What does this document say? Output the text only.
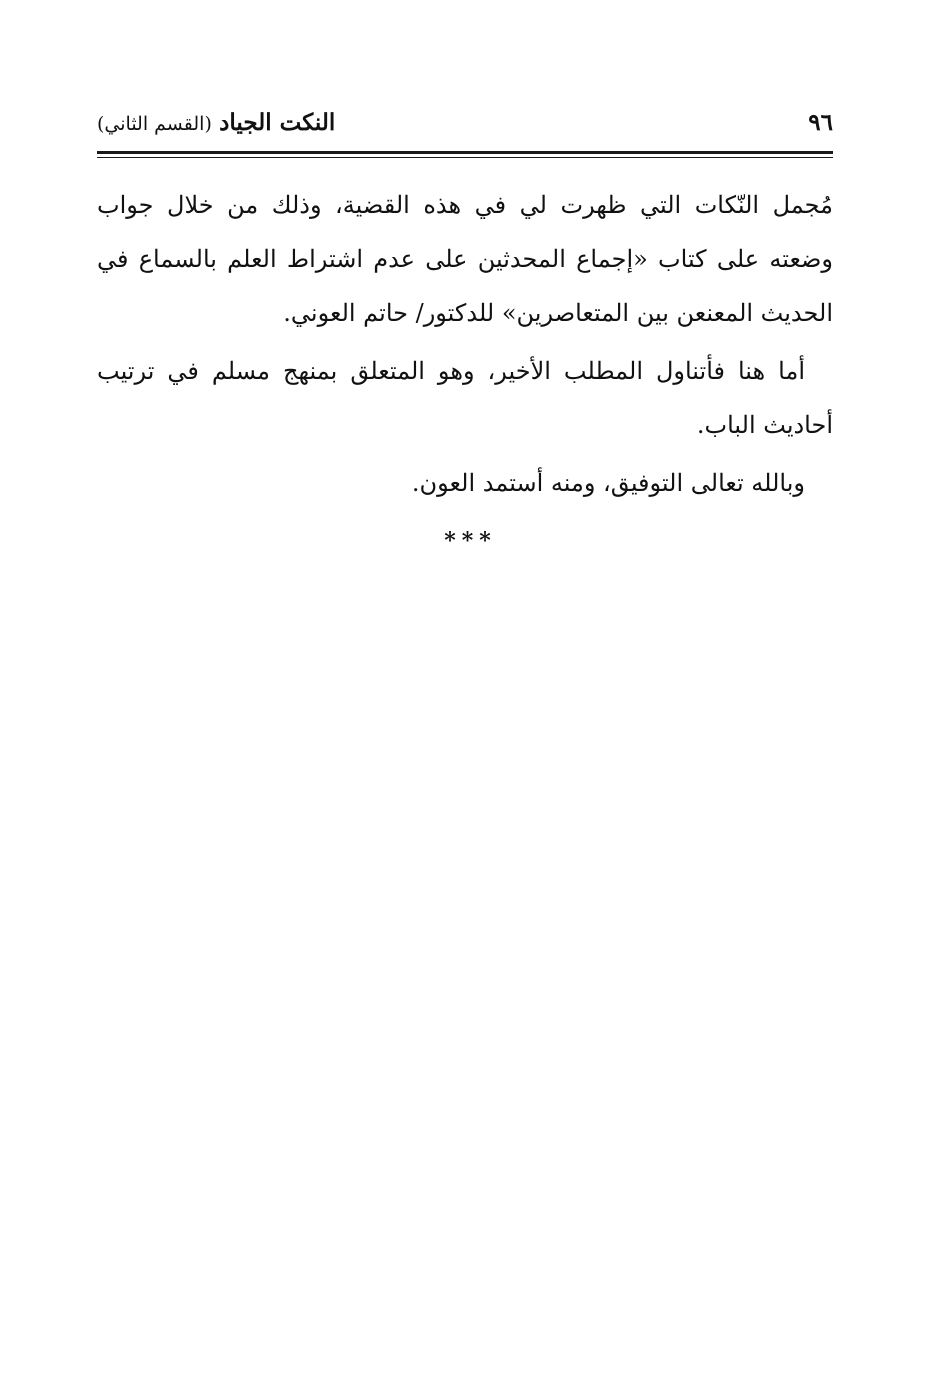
النكت الجياد (القسم الثاني)	٩٦

مُجمل النّكات التي ظهرت لي في هذه القضية، وذلك من خلال جواب وضعته على كتاب «إجماع المحدثين على عدم اشتراط العلم بالسماع في الحديث المعنعن بين المتعاصرين» للدكتور/ حاتم العوني.

أما هنا فأتناول المطلب الأخير، وهو المتعلق بمنهج مسلم في ترتيب أحاديث الباب.

وبالله تعالى التوفيق، ومنه أستمد العون.

***
